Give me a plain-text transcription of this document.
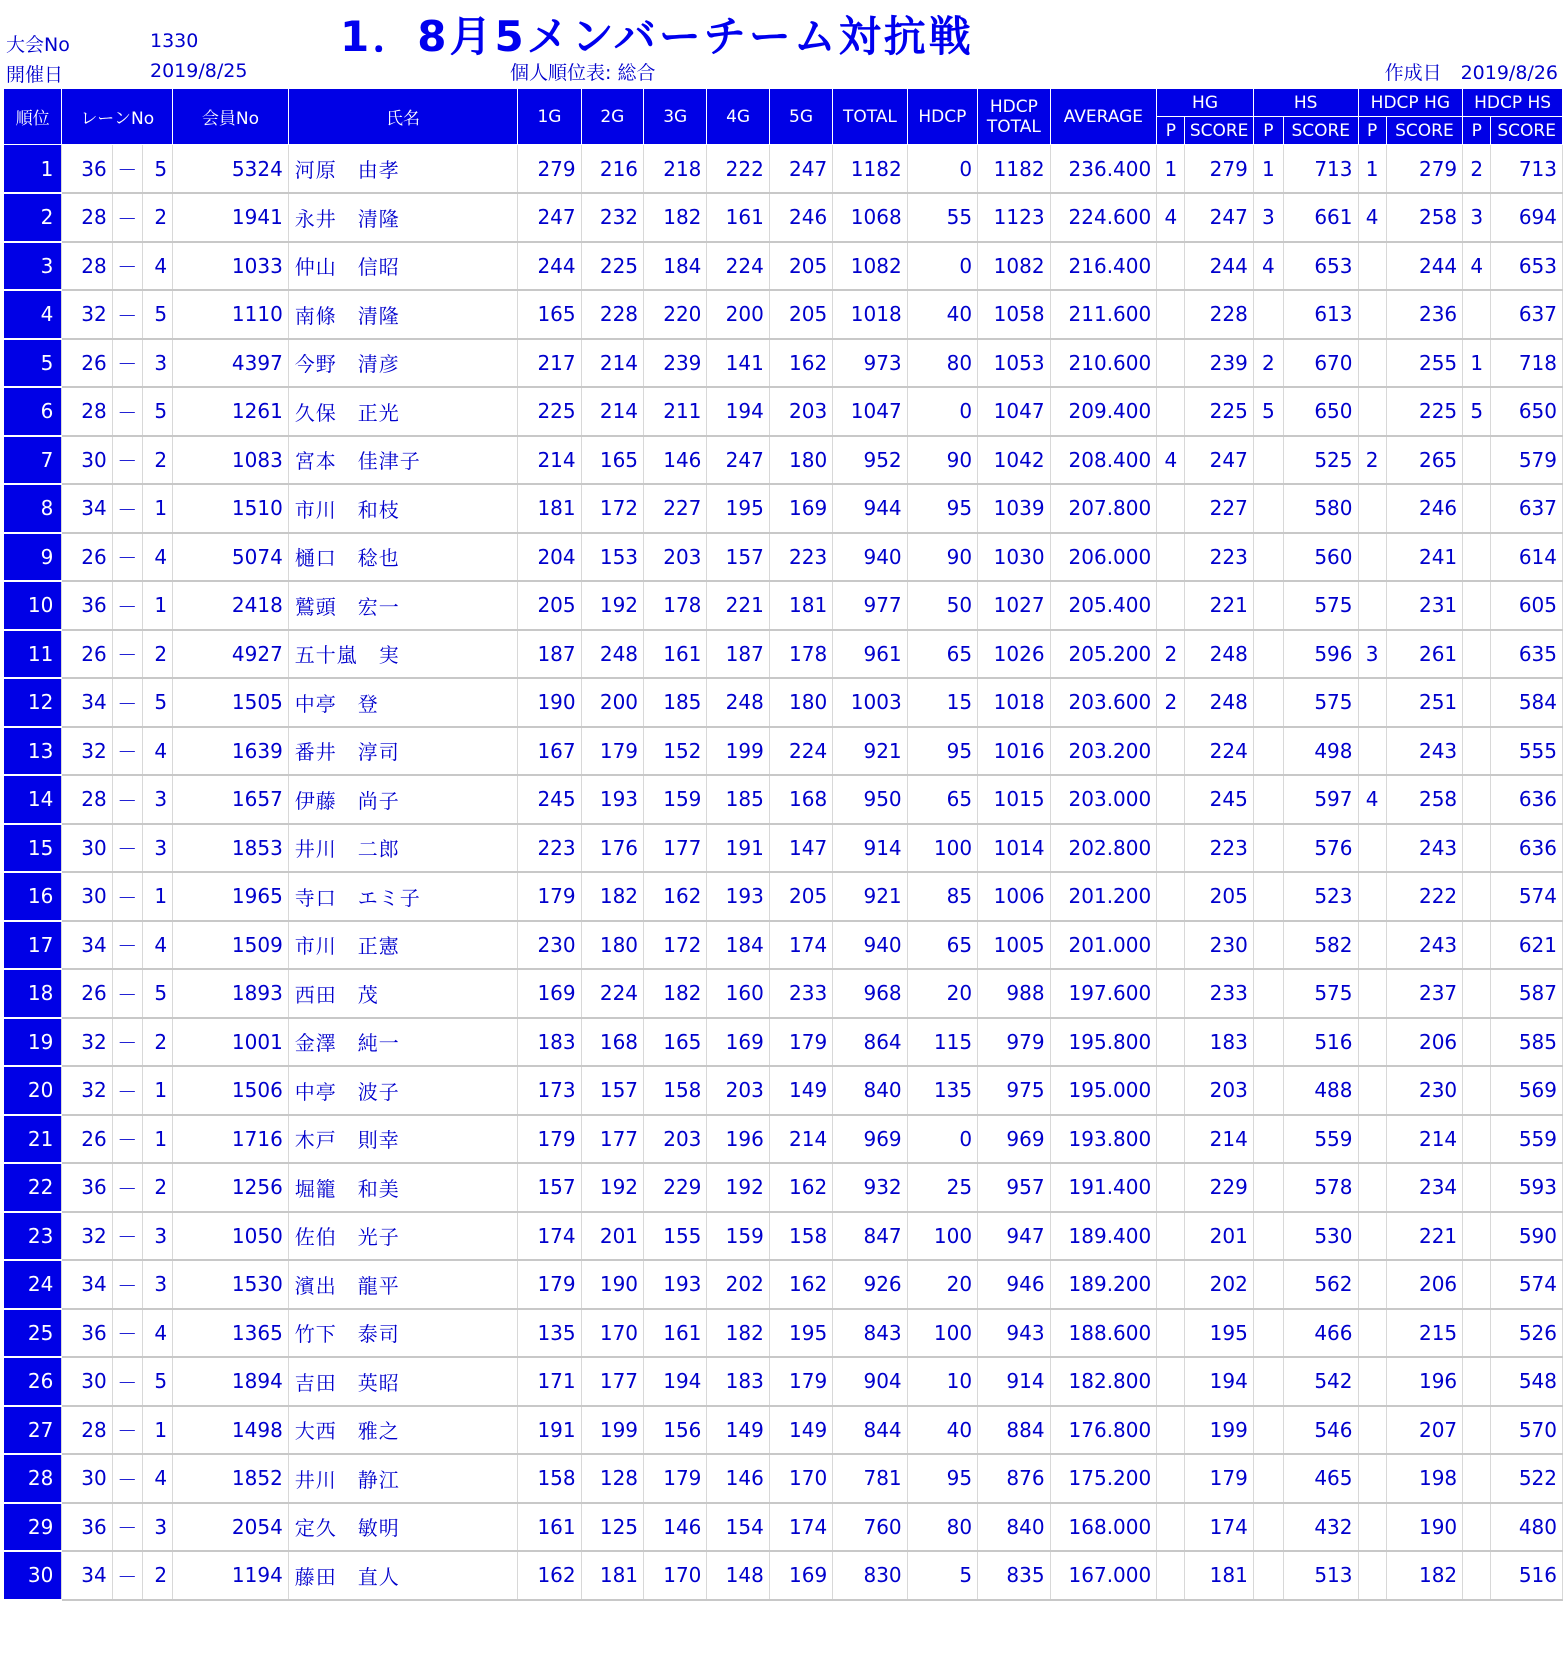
大会No	1330
開催日	2019/8/25
1．8月5メンバーチーム対抗戦
個人順位表: 総合	作成日　2019/8/26
順位	レーンNo			会員No	氏名	1G	2G	3G	4G	5G	TOTAL	HDCP	HDCP
TOTAL	AVERAGE	HG		HS		HDCP HG		HDCP HS	
															P	SCORE	P	SCORE	P	SCORE	P	SCORE
1	36	－	5	5324	河原　由孝	279	216	218	222	247	1182	0	1182	236.400	1	279	1	713	1	279	2	713
2	28	－	2	1941	永井　清隆	247	232	182	161	246	1068	55	1123	224.600	4	247	3	661	4	258	3	694
3	28	－	4	1033	仲山　信昭	244	225	184	224	205	1082	0	1082	216.400		244	4	653		244	4	653
4	32	－	5	1110	南條　清隆	165	228	220	200	205	1018	40	1058	211.600		228		613		236		637
5	26	－	3	4397	今野　清彦	217	214	239	141	162	973	80	1053	210.600		239	2	670		255	1	718
6	28	－	5	1261	久保　正光	225	214	211	194	203	1047	0	1047	209.400		225	5	650		225	5	650
7	30	－	2	1083	宮本　佳津子	214	165	146	247	180	952	90	1042	208.400	4	247		525	2	265		579
8	34	－	1	1510	市川　和枝	181	172	227	195	169	944	95	1039	207.800		227		580		246		637
9	26	－	4	5074	樋口　稔也	204	153	203	157	223	940	90	1030	206.000		223		560		241		614
10	36	－	1	2418	鷲頭　宏一	205	192	178	221	181	977	50	1027	205.400		221		575		231		605
11	26	－	2	4927	五十嵐　実	187	248	161	187	178	961	65	1026	205.200	2	248		596	3	261		635
12	34	－	5	1505	中亭　登	190	200	185	248	180	1003	15	1018	203.600	2	248		575		251		584
13	32	－	4	1639	番井　淳司	167	179	152	199	224	921	95	1016	203.200		224		498		243		555
14	28	－	3	1657	伊藤　尚子	245	193	159	185	168	950	65	1015	203.000		245		597	4	258		636
15	30	－	3	1853	井川　二郎	223	176	177	191	147	914	100	1014	202.800		223		576		243		636
16	30	－	1	1965	寺口　エミ子	179	182	162	193	205	921	85	1006	201.200		205		523		222		574
17	34	－	4	1509	市川　正憲	230	180	172	184	174	940	65	1005	201.000		230		582		243		621
18	26	－	5	1893	西田　茂	169	224	182	160	233	968	20	988	197.600		233		575		237		587
19	32	－	2	1001	金澤　純一	183	168	165	169	179	864	115	979	195.800		183		516		206		585
20	32	－	1	1506	中亭　波子	173	157	158	203	149	840	135	975	195.000		203		488		230		569
21	26	－	1	1716	木戸　則幸	179	177	203	196	214	969	0	969	193.800		214		559		214		559
22	36	－	2	1256	堀籠　和美	157	192	229	192	162	932	25	957	191.400		229		578		234		593
23	32	－	3	1050	佐伯　光子	174	201	155	159	158	847	100	947	189.400		201		530		221		590
24	34	－	3	1530	濱出　龍平	179	190	193	202	162	926	20	946	189.200		202		562		206		574
25	36	－	4	1365	竹下　泰司	135	170	161	182	195	843	100	943	188.600		195		466		215		526
26	30	－	5	1894	吉田　英昭	171	177	194	183	179	904	10	914	182.800		194		542		196		548
27	28	－	1	1498	大西　雅之	191	199	156	149	149	844	40	884	176.800		199		546		207		570
28	30	－	4	1852	井川　静江	158	128	179	146	170	781	95	876	175.200		179		465		198		522
29	36	－	3	2054	定久　敏明	161	125	146	154	174	760	80	840	168.000		174		432		190		480
30	34	－	2	1194	藤田　直人	162	181	170	148	169	830	5	835	167.000		181		513		182		516
